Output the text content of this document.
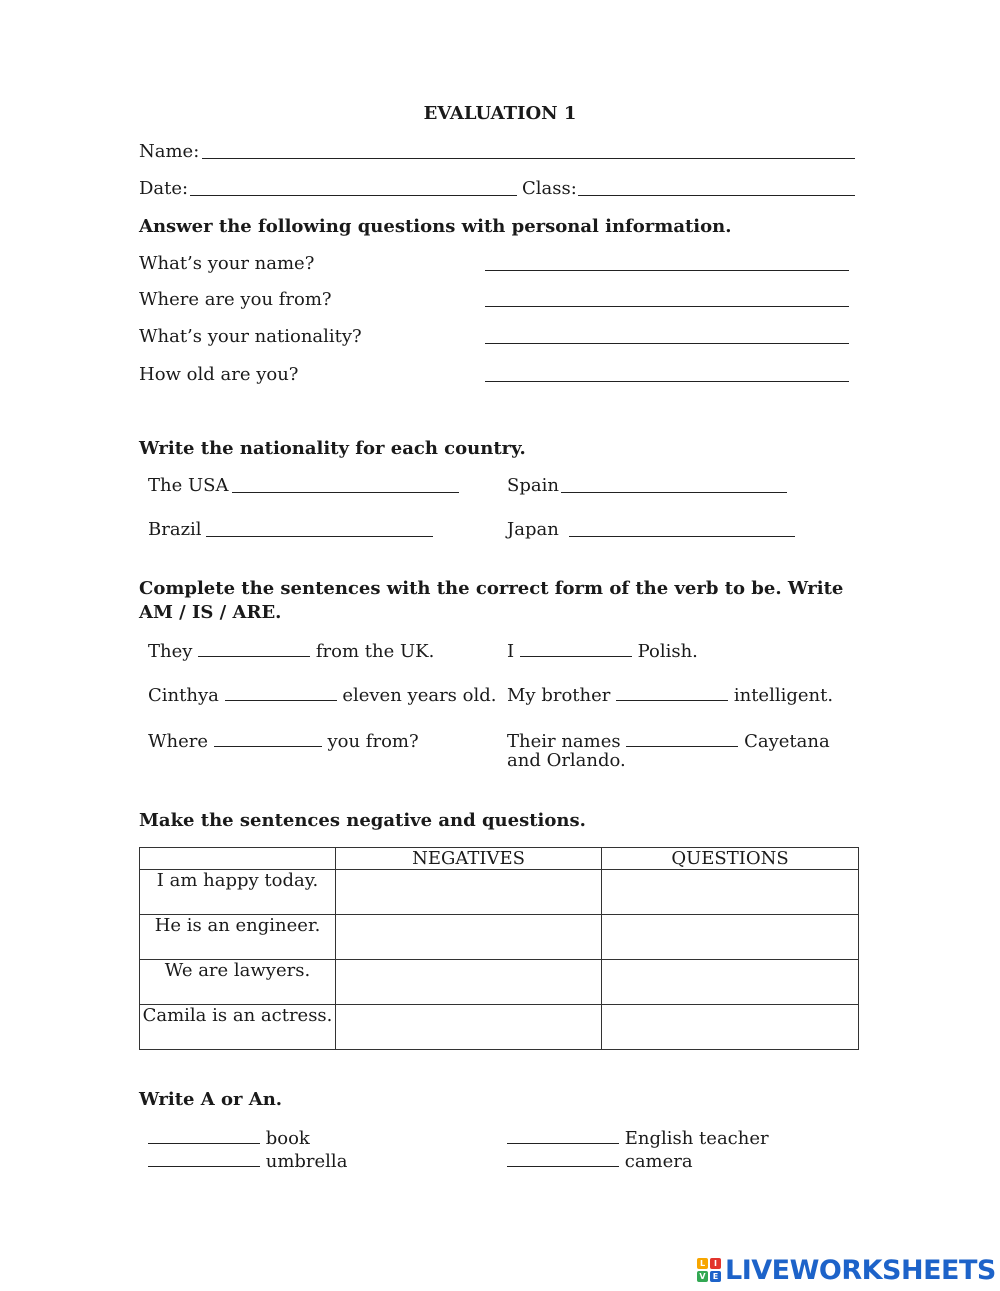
EVALUATION 1
Name:
Date:	Class:
Answer the following questions with personal information.
What’s your name?
Where are you from?
What’s your nationality?
How old are you?
Write the nationality for each country.
The USA	Spain
Brazil	Japan
Complete the sentences with the correct form of the verb to be. Write
AM / IS / ARE.
They	from the UK.	I	Polish.
Cinthya	eleven years old. My brother	intelligent.
Where	you from?	Their names	Cayetana
and Orlando.
Make the sentences negative and questions.
	NEGATIVES	QUESTIONS
I am happy today.		
He is an engineer.		
We are lawyers.		
Camila is an actress.		
Write A or An.
book	English teacher
umbrella	camera
L	I
V E LIVEWORKSHEETS
